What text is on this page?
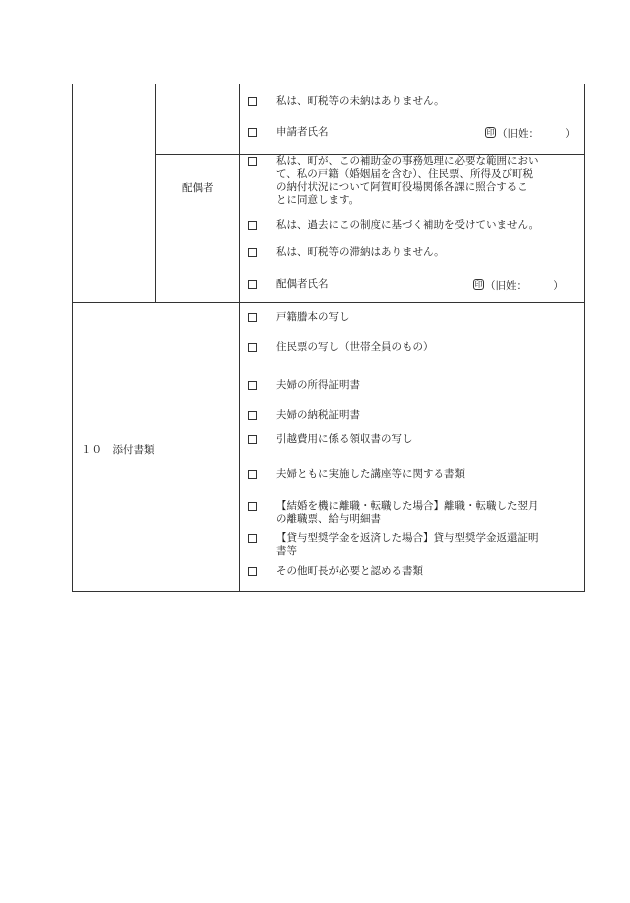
私は、町税等の未納はありません。
申請者氏名	印 （旧姓：　　　）
配偶者
私は、町が、この補助金の事務処理に必要な範囲におい
て、私の戸籍（婚姻届を含む）、住民票、所得及び町税
の納付状況について阿賀町役場関係各課に照合するこ
とに同意します。
私は、過去にこの制度に基づく補助を受けていません。
私は、町税等の滞納はありません。
配偶者氏名	印 （旧姓：　　　）
１０　添付書類
戸籍謄本の写し
住民票の写し（世帯全員のもの）
夫婦の所得証明書
夫婦の納税証明書
引越費用に係る領収書の写し
夫婦ともに実施した講座等に関する書類
【結婚を機に離職・転職した場合】離職・転職した翌月
の離職票、給与明細書
【貸与型奨学金を返済した場合】貸与型奨学金返還証明
書等
その他町長が必要と認める書類
